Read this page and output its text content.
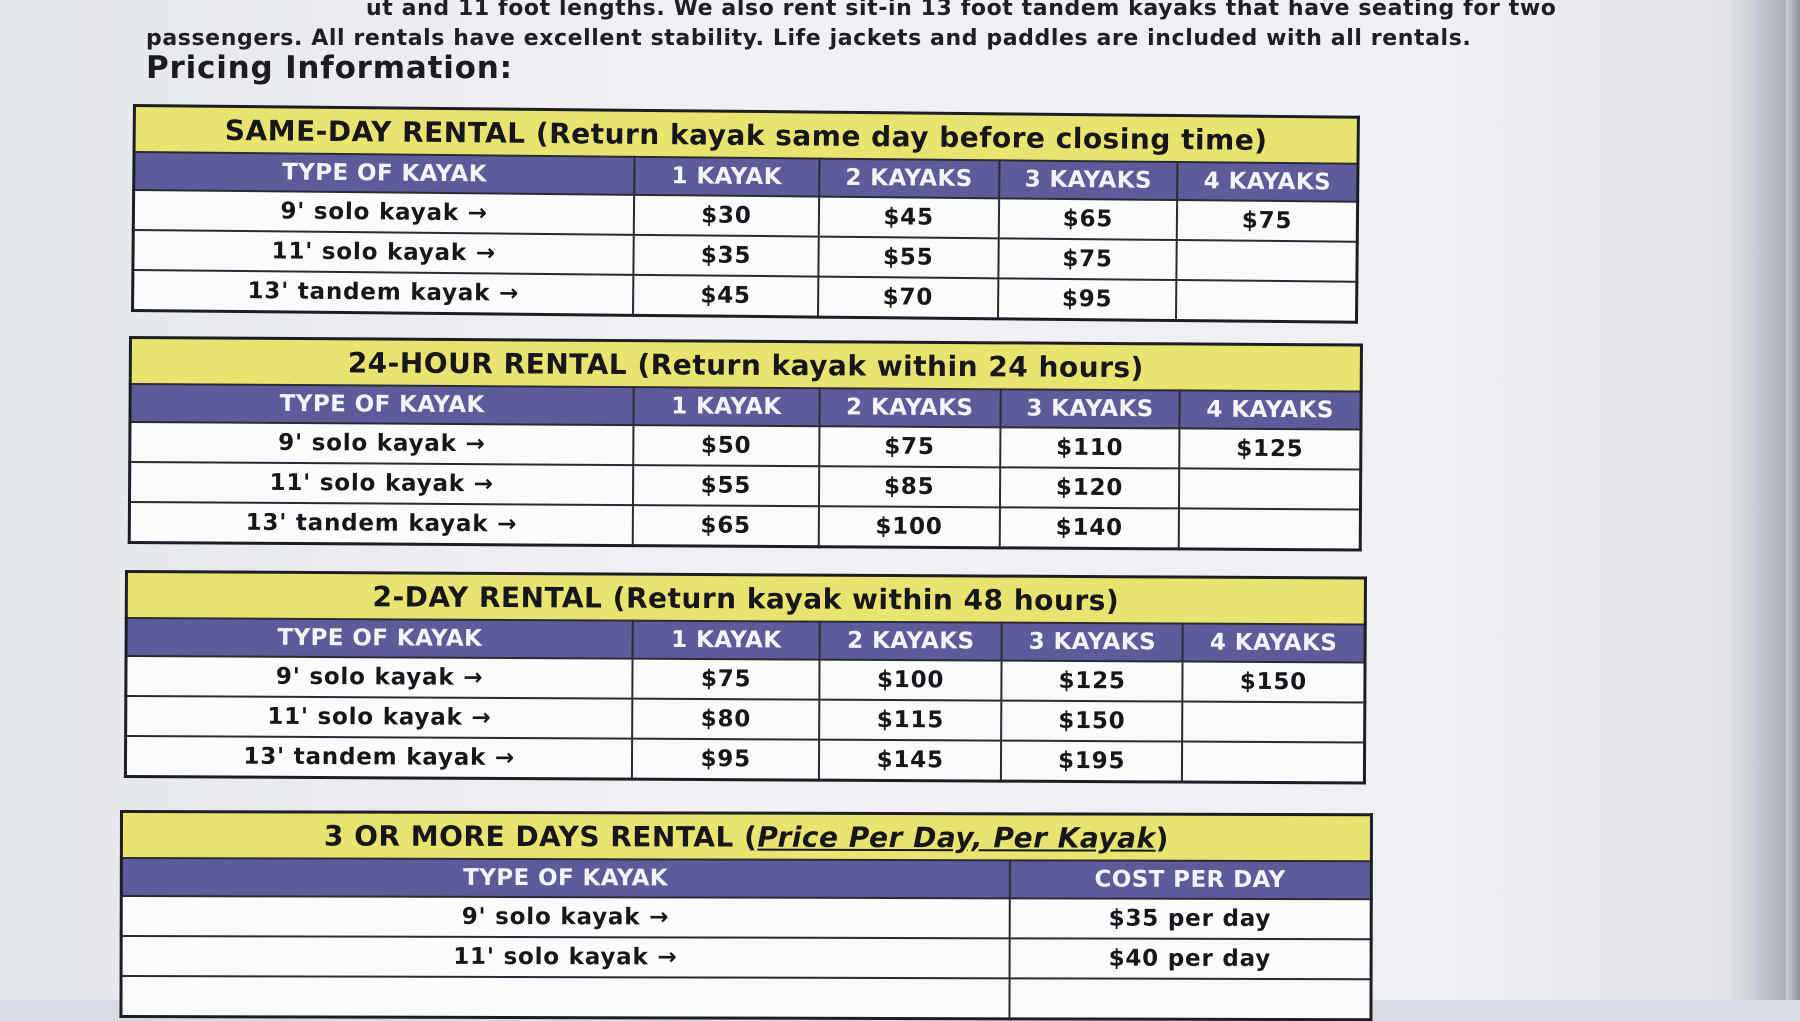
ut and 11 foot lengths. We also rent sit-in 13 foot tandem kayaks that have seating for two
passengers. All rentals have excellent stability. Life jackets and paddles are included with all rentals.
Pricing Information:
SAME-DAY RENTAL (Return kayak same day before closing time)				
TYPE OF KAYAK	1 KAYAK	2 KAYAKS	3 KAYAKS	4 KAYAKS
9' solo kayak →	$30	$45	$65	$75
11' solo kayak →	$35	$55	$75	
13' tandem kayak →	$45	$70	$95	
24-HOUR RENTAL (Return kayak within 24 hours)				
TYPE OF KAYAK	1 KAYAK	2 KAYAKS	3 KAYAKS	4 KAYAKS
9' solo kayak →	$50	$75	$110	$125
11' solo kayak →	$55	$85	$120	
13' tandem kayak →	$65	$100	$140	
2-DAY RENTAL (Return kayak within 48 hours)				
TYPE OF KAYAK	1 KAYAK	2 KAYAKS	3 KAYAKS	4 KAYAKS
9' solo kayak →	$75	$100	$125	$150
11' solo kayak →	$80	$115	$150	
13' tandem kayak →	$95	$145	$195	
3 OR MORE DAYS RENTAL (Price Per Day, Per Kayak)	
TYPE OF KAYAK	COST PER DAY
9' solo kayak →	$35 per day
11' solo kayak →	$40 per day
